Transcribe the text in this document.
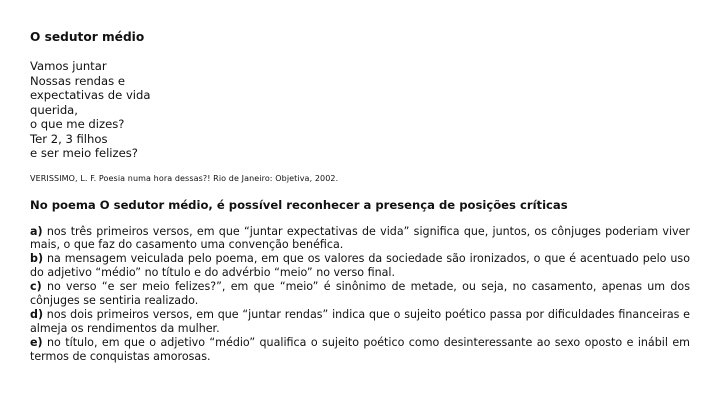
O sedutor médio
Vamos juntar
Nossas rendas e
expectativas de vida
querida,
o que me dizes?
Ter 2, 3 filhos
e ser meio felizes?
VERISSIMO, L. F. Poesia numa hora dessas?! Rio de Janeiro: Objetiva, 2002.
No poema O sedutor médio, é possível reconhecer a presença de posições críticas
a) nos três primeiros versos, em que “juntar expectativas de vida” significa que, juntos, os cônjuges poderiam viver mais, o que faz do casamento uma convenção benéfica.
b) na mensagem veiculada pelo poema, em que os valores da sociedade são ironizados, o que é acentuado pelo uso do adjetivo “médio” no título e do advérbio “meio” no verso final.
c) no verso “e ser meio felizes?”, em que “meio” é sinônimo de metade, ou seja, no casamento, apenas um dos cônjuges se sentiria realizado.
d) nos dois primeiros versos, em que “juntar rendas” indica que o sujeito poético passa por dificuldades financeiras e almeja os rendimentos da mulher.
e) no título, em que o adjetivo “médio” qualifica o sujeito poético como desinteressante ao sexo oposto e inábil em termos de conquistas amorosas.
